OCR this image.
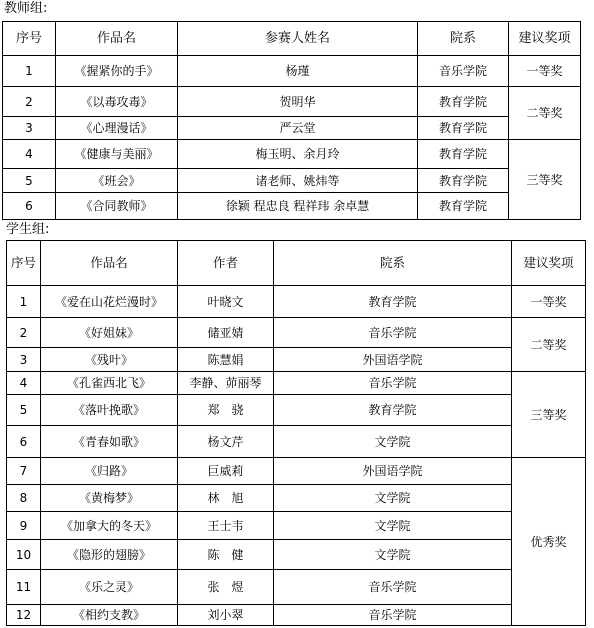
教师组:
序号	作品名	参赛人姓名	院系	建议奖项
1	《握紧你的手》	杨瑾	音乐学院	一等奖
2	《以毒攻毒》	贺明华	教育学院	二等奖
3	《心理漫话》	严云堂	教育学院	
4	《健康与美丽》	梅玉明、余月玲	教育学院	三等奖
5	《班会》	诸老师、姚炜等	教育学院	
6	《合同教师》	徐颖 程忠良 程祥玮 余卓慧	教育学院	
学生组:
序号	作品名	作者	院系	建议奖项
1	《爱在山花烂漫时》	叶晓文	教育学院	一等奖
2	《好姐妹》	储亚婧	音乐学院	二等奖
3	《残叶》	陈慧娟	外国语学院	
4	《孔雀西北飞》	李静、茆丽琴	音乐学院	三等奖
5	《落叶挽歌》	郑　骁	教育学院	
6	《青春如歌》	杨文芹	文学院	
7	《归路》	巨威莉	外国语学院	优秀奖
8	《黄梅梦》	林　旭	文学院	
9	《加拿大的冬天》	王士韦	文学院	
10	《隐形的翅膀》	陈　健	文学院	
11	《乐之灵》	张　煜	音乐学院	
12	《相约支教》	刘小翠	音乐学院	
